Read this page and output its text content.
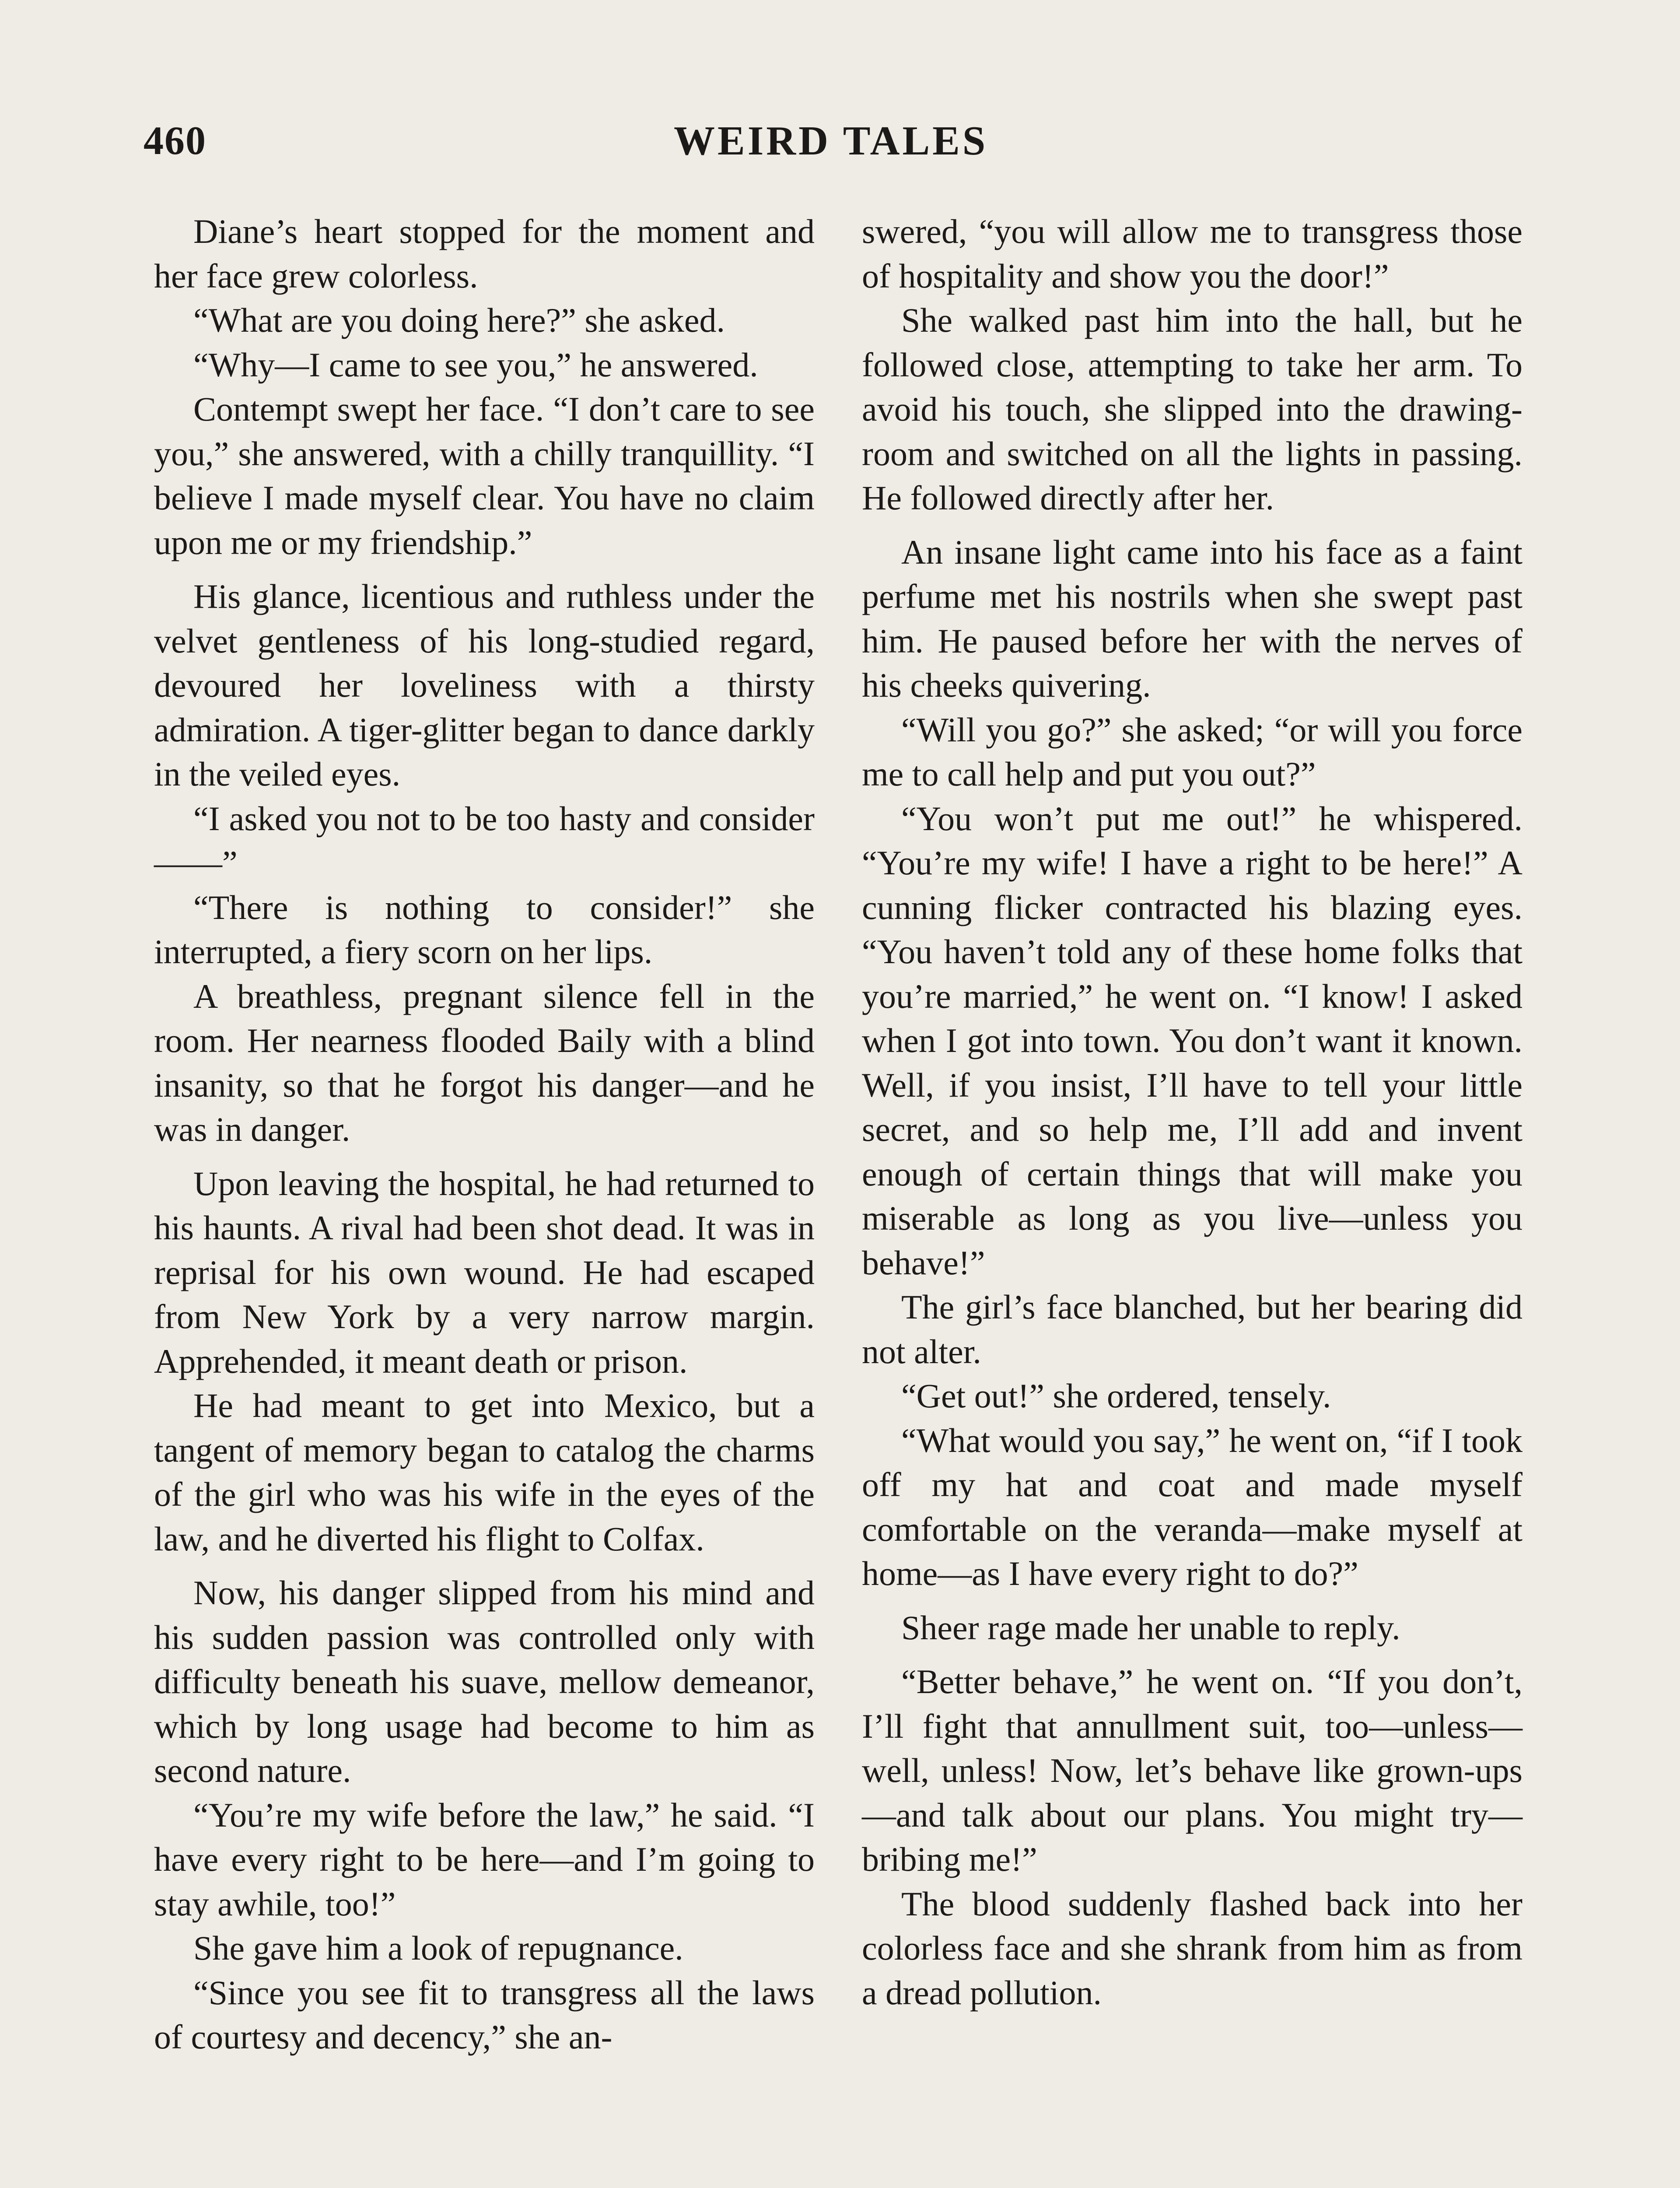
460	WEIRD TALES

Diane’s heart stopped for the moment and her face grew colorless.

“What are you doing here?” she asked.

“Why—I came to see you,” he answered.

Contempt swept her face. “I don’t care to see you,” she answered, with a chilly tranquillity. “I believe I made myself clear. You have no claim upon me or my friendship.”

His glance, licentious and ruthless under the velvet gentleness of his long-studied regard, devoured her loveliness with a thirsty admiration. A tiger-glitter began to dance darkly in the veiled eyes.

“I asked you not to be too hasty and consider——”

“There is nothing to consider!” she interrupted, a fiery scorn on her lips.

A breathless, pregnant silence fell in the room. Her nearness flooded Baily with a blind insanity, so that he forgot his danger—and he was in danger.

Upon leaving the hospital, he had returned to his haunts. A rival had been shot dead. It was in reprisal for his own wound. He had escaped from New York by a very narrow margin. Apprehended, it meant death or prison.

He had meant to get into Mexico, but a tangent of memory began to catalog the charms of the girl who was his wife in the eyes of the law, and he diverted his flight to Colfax.

Now, his danger slipped from his mind and his sudden passion was controlled only with difficulty beneath his suave, mellow demeanor, which by long usage had become to him as second nature.

“You’re my wife before the law,” he said. “I have every right to be here—and I’m going to stay awhile, too!”

She gave him a look of repugnance.

“Since you see fit to transgress all the laws of courtesy and decency,” she an-

swered, “you will allow me to transgress those of hospitality and show you the door!”

She walked past him into the hall, but he followed close, attempting to take her arm. To avoid his touch, she slipped into the drawing-room and switched on all the lights in passing. He followed directly after her.

An insane light came into his face as a faint perfume met his nostrils when she swept past him. He paused before her with the nerves of his cheeks quivering.

“Will you go?” she asked; “or will you force me to call help and put you out?”

“You won’t put me out!” he whispered. “You’re my wife! I have a right to be here!” A cunning flicker contracted his blazing eyes. “You haven’t told any of these home folks that you’re married,” he went on. “I know! I asked when I got into town. You don’t want it known. Well, if you insist, I’ll have to tell your little secret, and so help me, I’ll add and invent enough of certain things that will make you miserable as long as you live—unless you behave!”

The girl’s face blanched, but her bearing did not alter.

“Get out!” she ordered, tensely.

“What would you say,” he went on, “if I took off my hat and coat and made myself comfortable on the veranda—make myself at home—as I have every right to do?”

Sheer rage made her unable to reply.

“Better behave,” he went on. “If you don’t, I’ll fight that annullment suit, too—unless—well, unless! Now, let’s behave like grown-ups—and talk about our plans. You might try—bribing me!”

The blood suddenly flashed back into her colorless face and she shrank from him as from a dread pollution.
